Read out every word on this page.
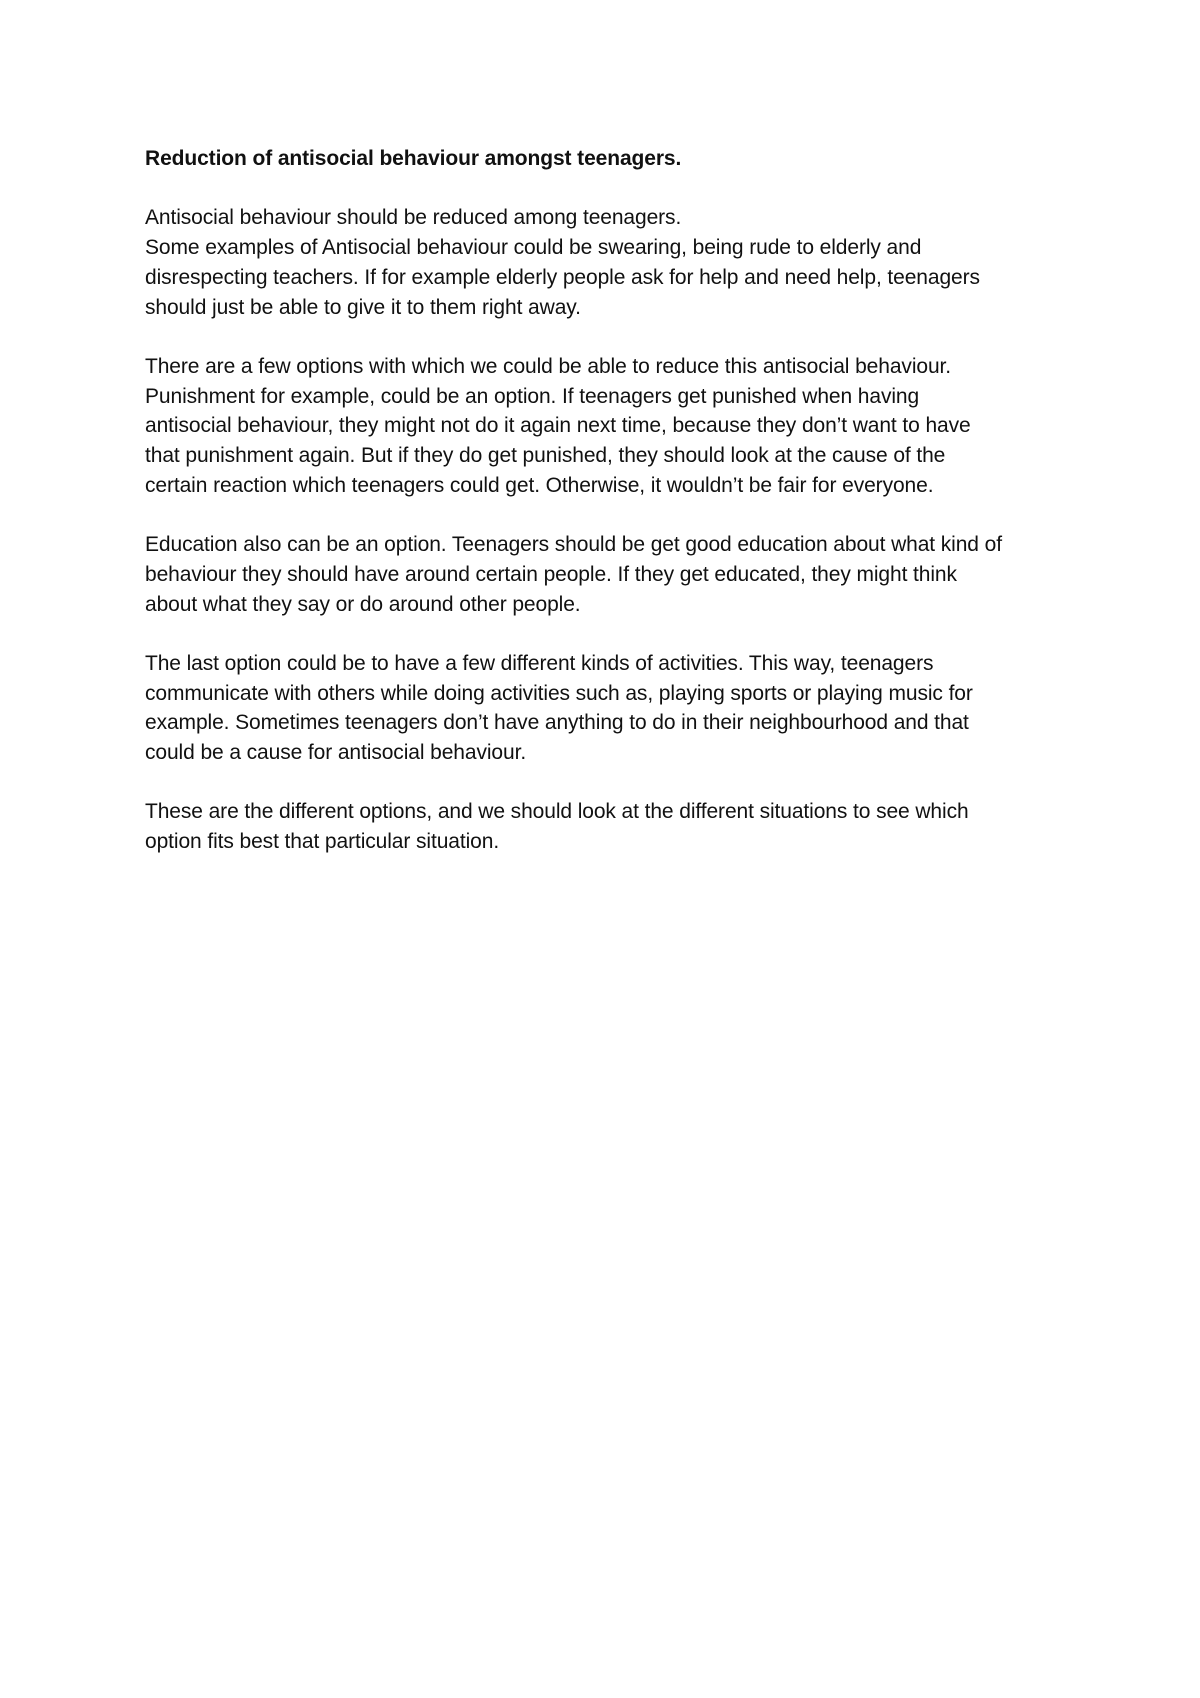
Reduction of antisocial behaviour amongst teenagers.
Antisocial behaviour should be reduced among teenagers.
Some examples of Antisocial behaviour could be swearing, being rude to elderly and
disrespecting teachers. If for example elderly people ask for help and need help, teenagers
should just be able to give it to them right away.
There are a few options with which we could be able to reduce this antisocial behaviour.
Punishment for example, could be an option. If teenagers get punished when having
antisocial behaviour, they might not do it again next time, because they don’t want to have
that punishment again. But if they do get punished, they should look at the cause of the
certain reaction which teenagers could get. Otherwise, it wouldn’t be fair for everyone.
Education also can be an option. Teenagers should be get good education about what kind of
behaviour they should have around certain people. If they get educated, they might think
about what they say or do around other people.
The last option could be to have a few different kinds of activities. This way, teenagers
communicate with others while doing activities such as, playing sports or playing music for
example. Sometimes teenagers don’t have anything to do in their neighbourhood and that
could be a cause for antisocial behaviour.
These are the different options, and we should look at the different situations to see which
option fits best that particular situation.
